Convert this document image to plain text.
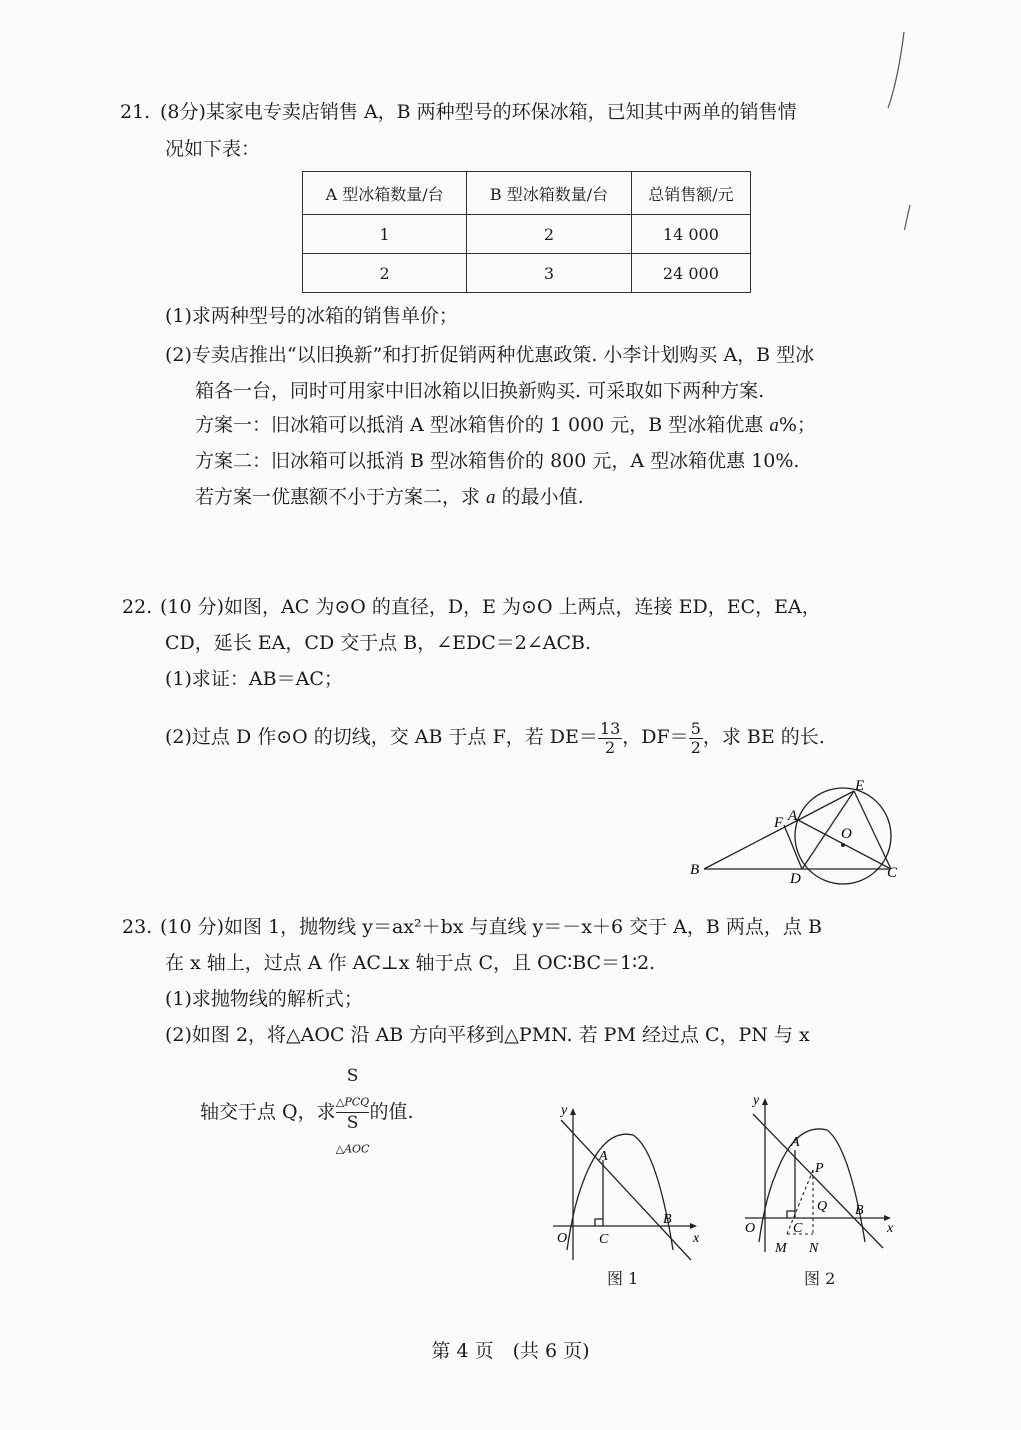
21. (8分)某家电专卖店销售 A，B 两种型号的环保冰箱，已知其中两单的销售情
况如下表：
A 型冰箱数量/台	B 型冰箱数量/台	总销售额/元
1	2	14 000
2	3	24 000
(1)求两种型号的冰箱的销售单价；
(2)专卖店推出“以旧换新”和打折促销两种优惠政策. 小李计划购买 A，B 型冰
箱各一台，同时可用家中旧冰箱以旧换新购买. 可采取如下两种方案.
方案一：旧冰箱可以抵消 A 型冰箱售价的 1 000 元，B 型冰箱优惠 a%；
方案二：旧冰箱可以抵消 B 型冰箱售价的 800 元，A 型冰箱优惠 10%.
若方案一优惠额不小于方案二，求 a 的最小值.
22. (10 分)如图，AC 为⊙O 的直径，D，E 为⊙O 上两点，连接 ED，EC，EA，
CD，延长 EA，CD 交于点 B，∠EDC＝2∠ACB.
(1)求证：AB＝AC；
(2)过点 D 作⊙O 的切线，交 AB 于点 F，若 $DE= \frac{13}{2}$ ，$DF= \frac{5}{2}$ ，求 BE 的长.
E
A
F
O
B
D	C
23. (10 分)如图 1，抛物线 y＝ax²＋bx 与直线 y＝－x＋6 交于 A，B 两点，点 B
在 x 轴上，过点 A 作 AC⊥x 轴于点 C，且 OC∶BC＝1∶2.
(1)求抛物线的解析式；
(2)如图 2，将△AOC 沿 AB 方向平移到△PMN. 若 PM 经过点 C，PN 与 x
轴交于点 Q，求 S
$_{\triangle PCQ}$
S
$_{\triangle AOC}$ 的值.	y
x
O
A
C
B
y
x
O
A
P
Q
C
B
M N
图 1	图 2
第 4 页　(共 6 页)
